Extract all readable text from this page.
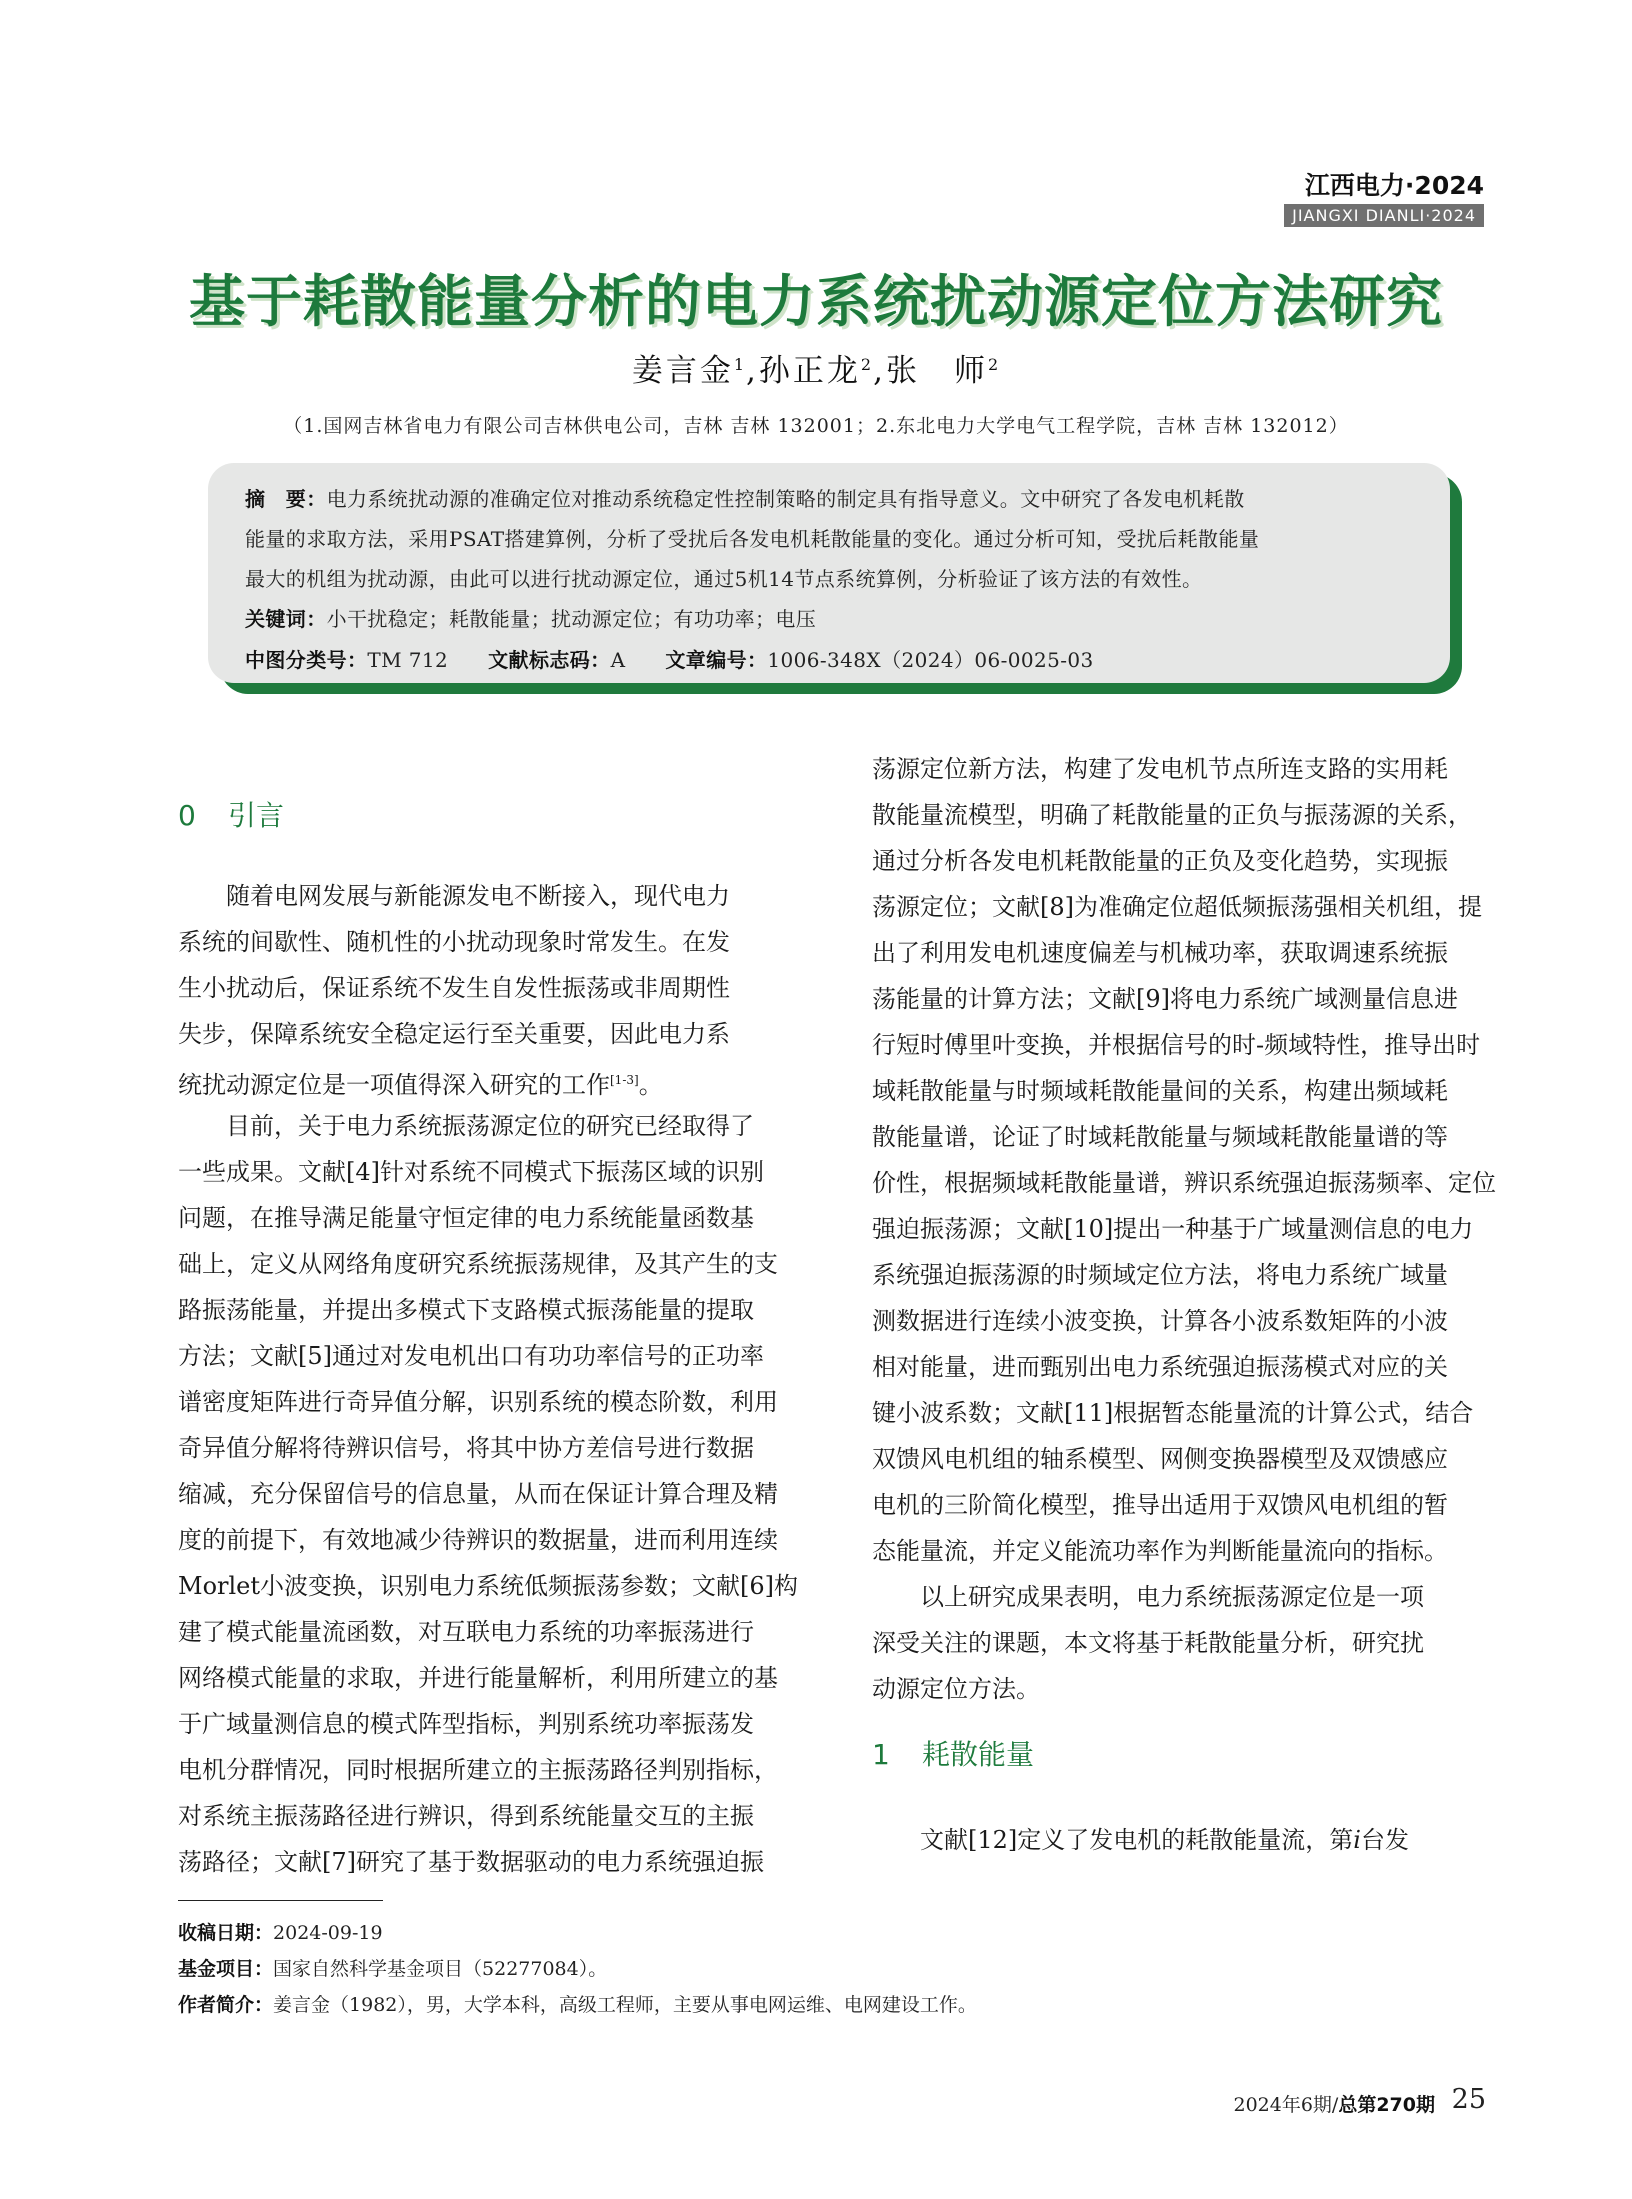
江西电力·2024
JIANGXI DIANLI·2024
基于耗散能量分析的电力系统扰动源定位方法研究
姜言金$^1$,孙正龙$^2$,张　师$^2$
（1.国网吉林省电力有限公司吉林供电公司，吉林 吉林 132001；2.东北电力大学电气工程学院，吉林 吉林 132012）
摘　要：电力系统扰动源的准确定位对推动系统稳定性控制策略的制定具有指导意义。文中研究了各发电机耗散
能量的求取方法，采用PSAT搭建算例，分析了受扰后各发电机耗散能量的变化。通过分析可知，受扰后耗散能量
最大的机组为扰动源，由此可以进行扰动源定位，通过5机14节点系统算例，分析验证了该方法的有效性。
关键词：小干扰稳定；耗散能量；扰动源定位；有功功率；电压
中图分类号：TM 712 文献标志码：A 文章编号：1006-348X（2024）06-0025-03
0 引言
　　随着电网发展与新能源发电不断接入，现代电力
系统的间歇性、随机性的小扰动现象时常发生。在发
生小扰动后，保证系统不发生自发性振荡或非周期性
失步，保障系统安全稳定运行至关重要，因此电力系
统扰动源定位是一项值得深入研究的工作[1-3]。
　　目前，关于电力系统振荡源定位的研究已经取得了
一些成果。文献[4]针对系统不同模式下振荡区域的识别
问题，在推导满足能量守恒定律的电力系统能量函数基
础上，定义从网络角度研究系统振荡规律，及其产生的支
路振荡能量，并提出多模式下支路模式振荡能量的提取
方法；文献[5]通过对发电机出口有功功率信号的正功率
谱密度矩阵进行奇异值分解，识别系统的模态阶数，利用
奇异值分解将待辨识信号，将其中协方差信号进行数据
缩减，充分保留信号的信息量，从而在保证计算合理及精
度的前提下，有效地减少待辨识的数据量，进而利用连续
Morlet小波变换，识别电力系统低频振荡参数；文献[6]构
建了模式能量流函数，对互联电力系统的功率振荡进行
网络模式能量的求取，并进行能量解析，利用所建立的基
于广域量测信息的模式阵型指标，判别系统功率振荡发
电机分群情况，同时根据所建立的主振荡路径判别指标，
对系统主振荡路径进行辨识，得到系统能量交互的主振
荡路径；文献[7]研究了基于数据驱动的电力系统强迫振
荡源定位新方法，构建了发电机节点所连支路的实用耗
散能量流模型，明确了耗散能量的正负与振荡源的关系，
通过分析各发电机耗散能量的正负及变化趋势，实现振
荡源定位；文献[8]为准确定位超低频振荡强相关机组，提
出了利用发电机速度偏差与机械功率，获取调速系统振
荡能量的计算方法；文献[9]将电力系统广域测量信息进
行短时傅里叶变换，并根据信号的时-频域特性，推导出时
域耗散能量与时频域耗散能量间的关系，构建出频域耗
散能量谱，论证了时域耗散能量与频域耗散能量谱的等
价性，根据频域耗散能量谱，辨识系统强迫振荡频率、定位
强迫振荡源；文献[10]提出一种基于广域量测信息的电力
系统强迫振荡源的时频域定位方法，将电力系统广域量
测数据进行连续小波变换，计算各小波系数矩阵的小波
相对能量，进而甄别出电力系统强迫振荡模式对应的关
键小波系数；文献[11]根据暂态能量流的计算公式，结合
双馈风电机组的轴系模型、网侧变换器模型及双馈感应
电机的三阶简化模型，推导出适用于双馈风电机组的暂
态能量流，并定义能流功率作为判断能量流向的指标。
　　以上研究成果表明，电力系统振荡源定位是一项
深受关注的课题，本文将基于耗散能量分析，研究扰
动源定位方法。
1 耗散能量
　　文献[12]定义了发电机的耗散能量流，第i台发
收稿日期：2024-09-19
基金项目：国家自然科学基金项目（52277084）。
作者简介：姜言金（1982），男，大学本科，高级工程师，主要从事电网运维、电网建设工作。
2024年6期/总第270期 25
